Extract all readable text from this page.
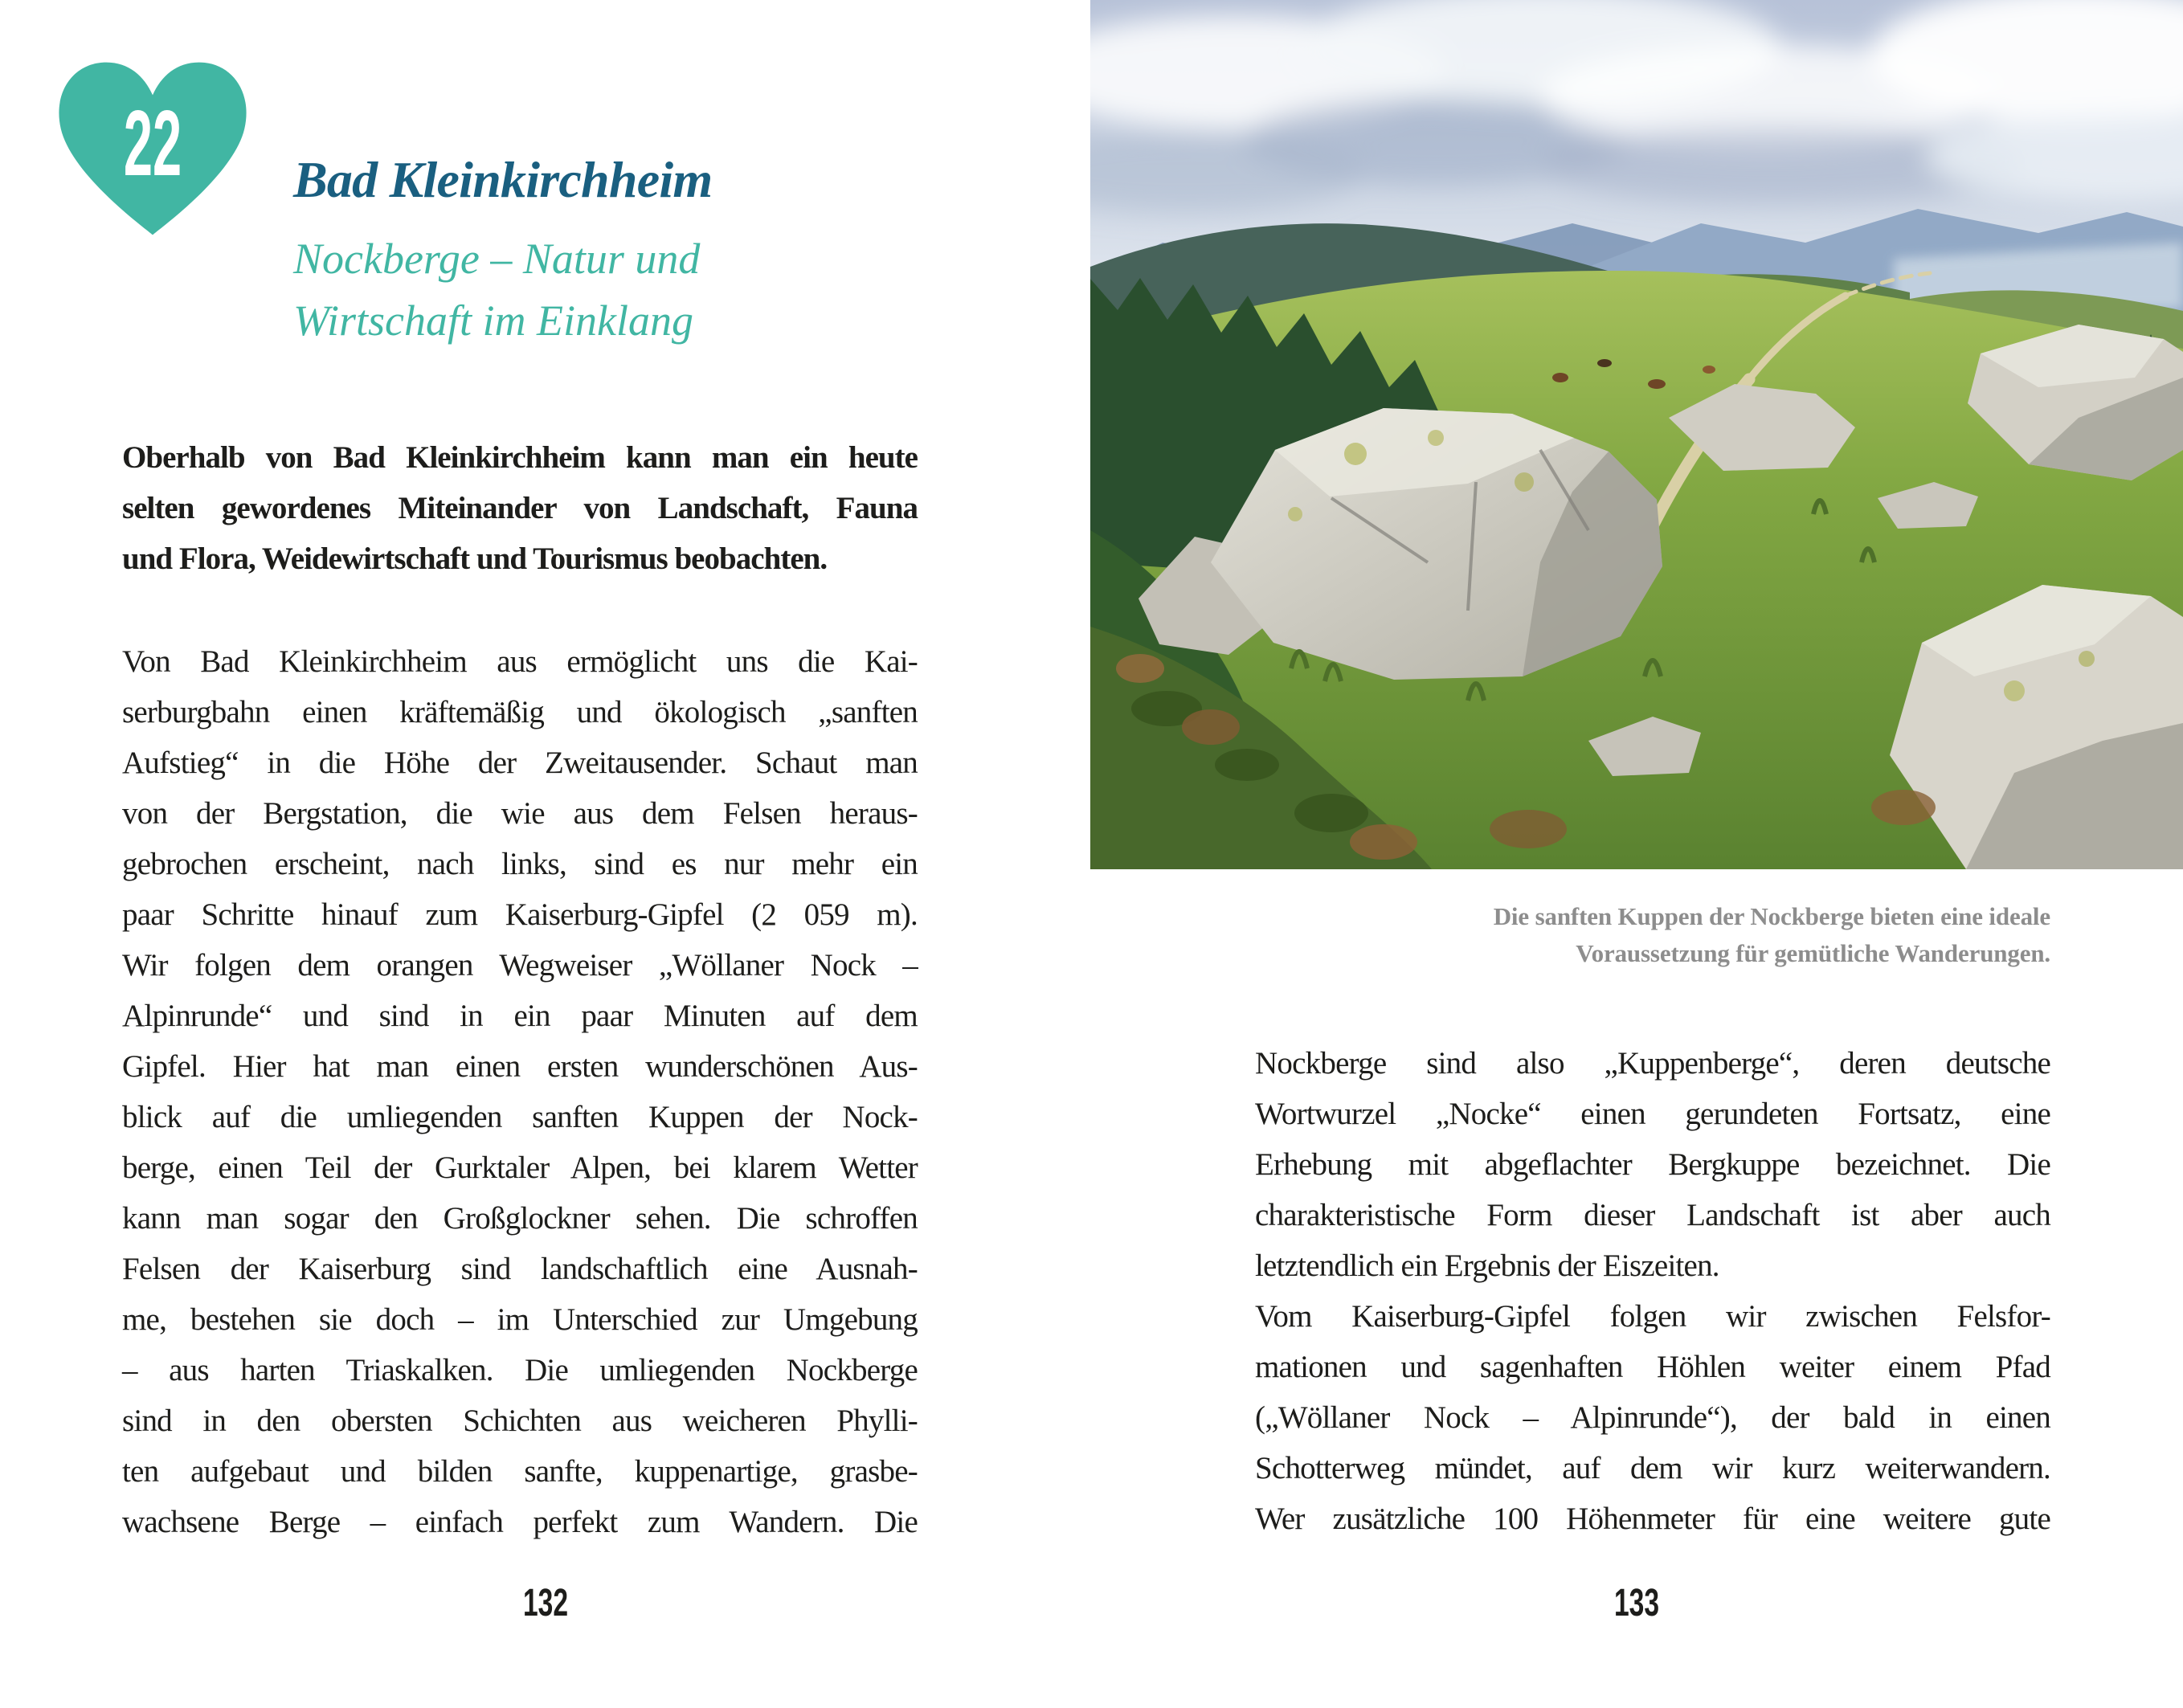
22	Bad Kleinkirchheim
Nockberge – Natur und
Wirtschaft im Einklang
Oberhalb von Bad Kleinkirchheim kann man ein heute
selten gewordenes Miteinander von Landschaft, Fauna
und Flora, Weidewirtschaft und Tourismus beobachten.
Von Bad Kleinkirchheim aus ermöglicht uns die Kai-
serburgbahn einen kräftemäßig und ökologisch „sanften
Aufstieg“ in die Höhe der Zweitausender. Schaut man
von der Bergstation, die wie aus dem Felsen heraus-
gebrochen erscheint, nach links, sind es nur mehr ein
paar Schritte hinauf zum Kaiserburg-Gipfel (2 059 m).
Wir folgen dem orangen Wegweiser „Wöllaner Nock –
Alpinrunde“ und sind in ein paar Minuten auf dem
Gipfel. Hier hat man einen ersten wunderschönen Aus-
blick auf die umliegenden sanften Kuppen der Nock-
berge, einen Teil der Gurktaler Alpen, bei klarem Wetter
kann man sogar den Großglockner sehen. Die schroffen
Felsen der Kaiserburg sind landschaftlich eine Ausnah-
me, bestehen sie doch – im Unterschied zur Umgebung
– aus harten Triaskalken. Die umliegenden Nockberge
sind in den obersten Schichten aus weicheren Phylli-
ten aufgebaut und bilden sanfte, kuppenartige, grasbe-
wachsene Berge – einfach perfekt zum Wandern. Die
132
Die sanften Kuppen der Nockberge bieten eine ideale
Voraussetzung für gemütliche Wanderungen.
Nockberge sind also „Kuppenberge“, deren deutsche
Wortwurzel „Nocke“ einen gerundeten Fortsatz, eine
Erhebung mit abgeflachter Bergkuppe bezeichnet. Die
charakteristische Form dieser Landschaft ist aber auch
letztendlich ein Ergebnis der Eiszeiten.
Vom Kaiserburg-Gipfel folgen wir zwischen Felsfor-
mationen und sagenhaften Höhlen weiter einem Pfad
(„Wöllaner Nock – Alpinrunde“), der bald in einen
Schotterweg mündet, auf dem wir kurz weiterwandern.
Wer zusätzliche 100 Höhenmeter für eine weitere gute
133
